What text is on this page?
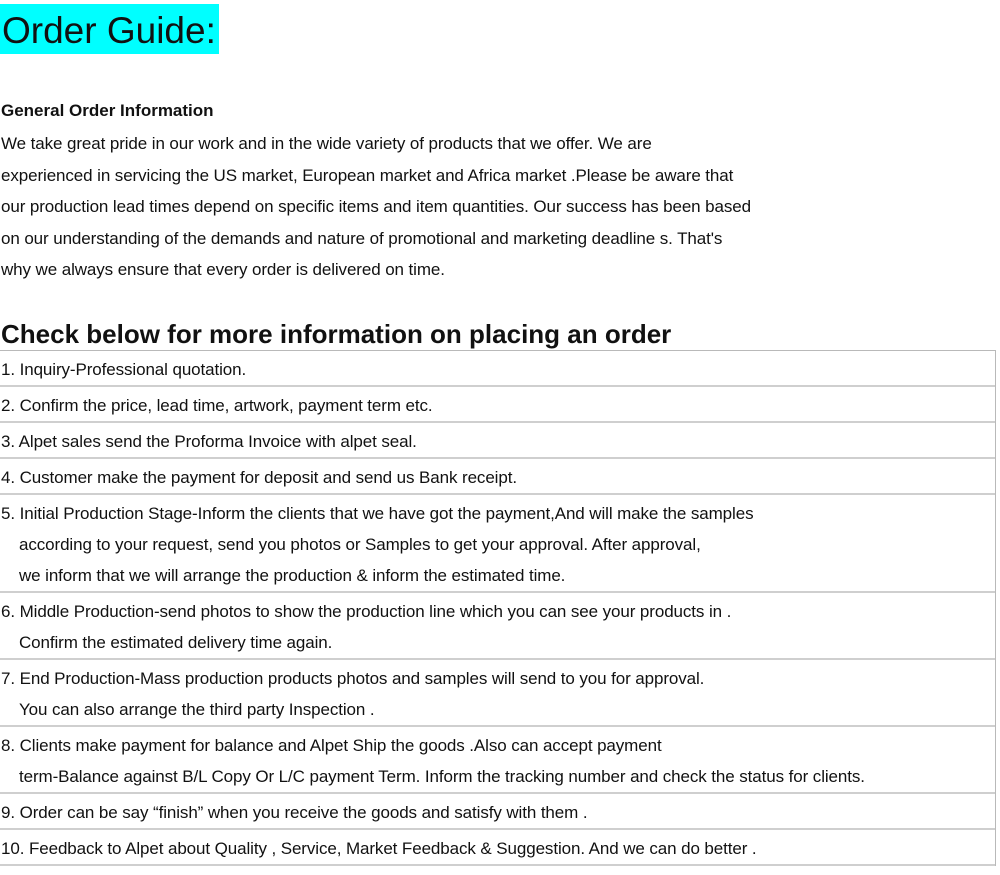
Order Guide:
General Order Information
We take great pride in our work and in the wide variety of products that we offer. We are
experienced in servicing the US market, European market and Africa market .Please be aware that
our production lead times depend on specific items and item quantities. Our success has been based
on our understanding of the demands and nature of promotional and marketing deadline s. That's
why we always ensure that every order is delivered on time.
Check below for more information on placing an order
1. Inquiry-Professional quotation.
2. Confirm the price, lead time, artwork, payment term etc.
3. Alpet sales send the Proforma Invoice with alpet seal.
4. Customer make the payment for deposit and send us Bank receipt.
5. Initial Production Stage-Inform the clients that we have got the payment,And will make the samples
according to your request, send you photos or Samples to get your approval. After approval,
we inform that we will arrange the production & inform the estimated time.
6. Middle Production-send photos to show the production line which you can see your products in .
Confirm the estimated delivery time again.
7. End Production-Mass production products photos and samples will send to you for approval.
You can also arrange the third party Inspection .
8. Clients make payment for balance and Alpet Ship the goods .Also can accept payment
term-Balance against B/L Copy Or L/C payment Term. Inform the tracking number and check the status for clients.
9. Order can be say “finish” when you receive the goods and satisfy with them .
10. Feedback to Alpet about Quality , Service, Market Feedback & Suggestion. And we can do better .
